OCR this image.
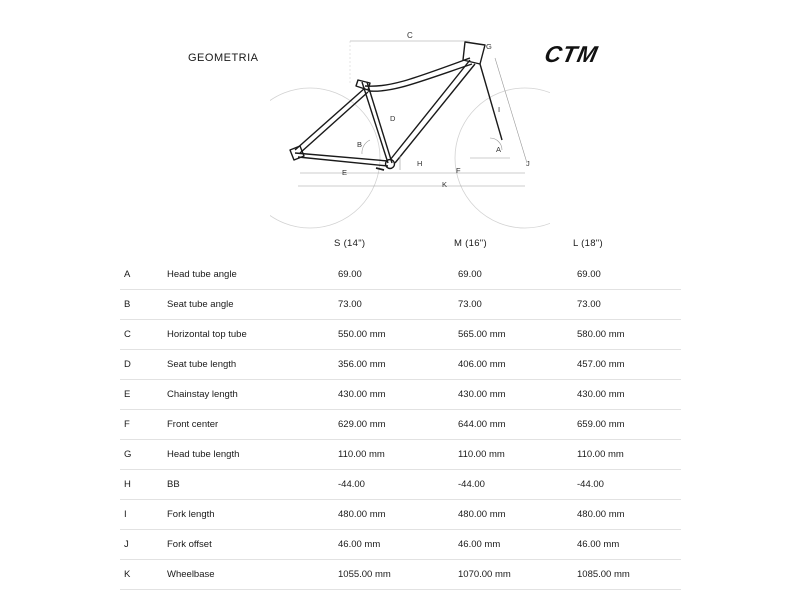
GEOMETRIA	CTM
C
G
D
B
H
I
A
J
E	F
K
S (14")	M (16")	L (18")
A	Head tube angle	69.00	69.00	69.00
B	Seat tube angle	73.00	73.00	73.00
C	Horizontal top tube	550.00 mm	565.00 mm	580.00 mm
D	Seat tube length	356.00 mm	406.00 mm	457.00 mm
E	Chainstay length	430.00 mm	430.00 mm	430.00 mm
F	Front center	629.00 mm	644.00 mm	659.00 mm
G	Head tube length	110.00 mm	110.00 mm	110.00 mm
H	BB	-44.00	-44.00	-44.00
I	Fork length	480.00 mm	480.00 mm	480.00 mm
J	Fork offset	46.00 mm	46.00 mm	46.00 mm
K	Wheelbase	1055.00 mm	1070.00 mm	1085.00 mm
